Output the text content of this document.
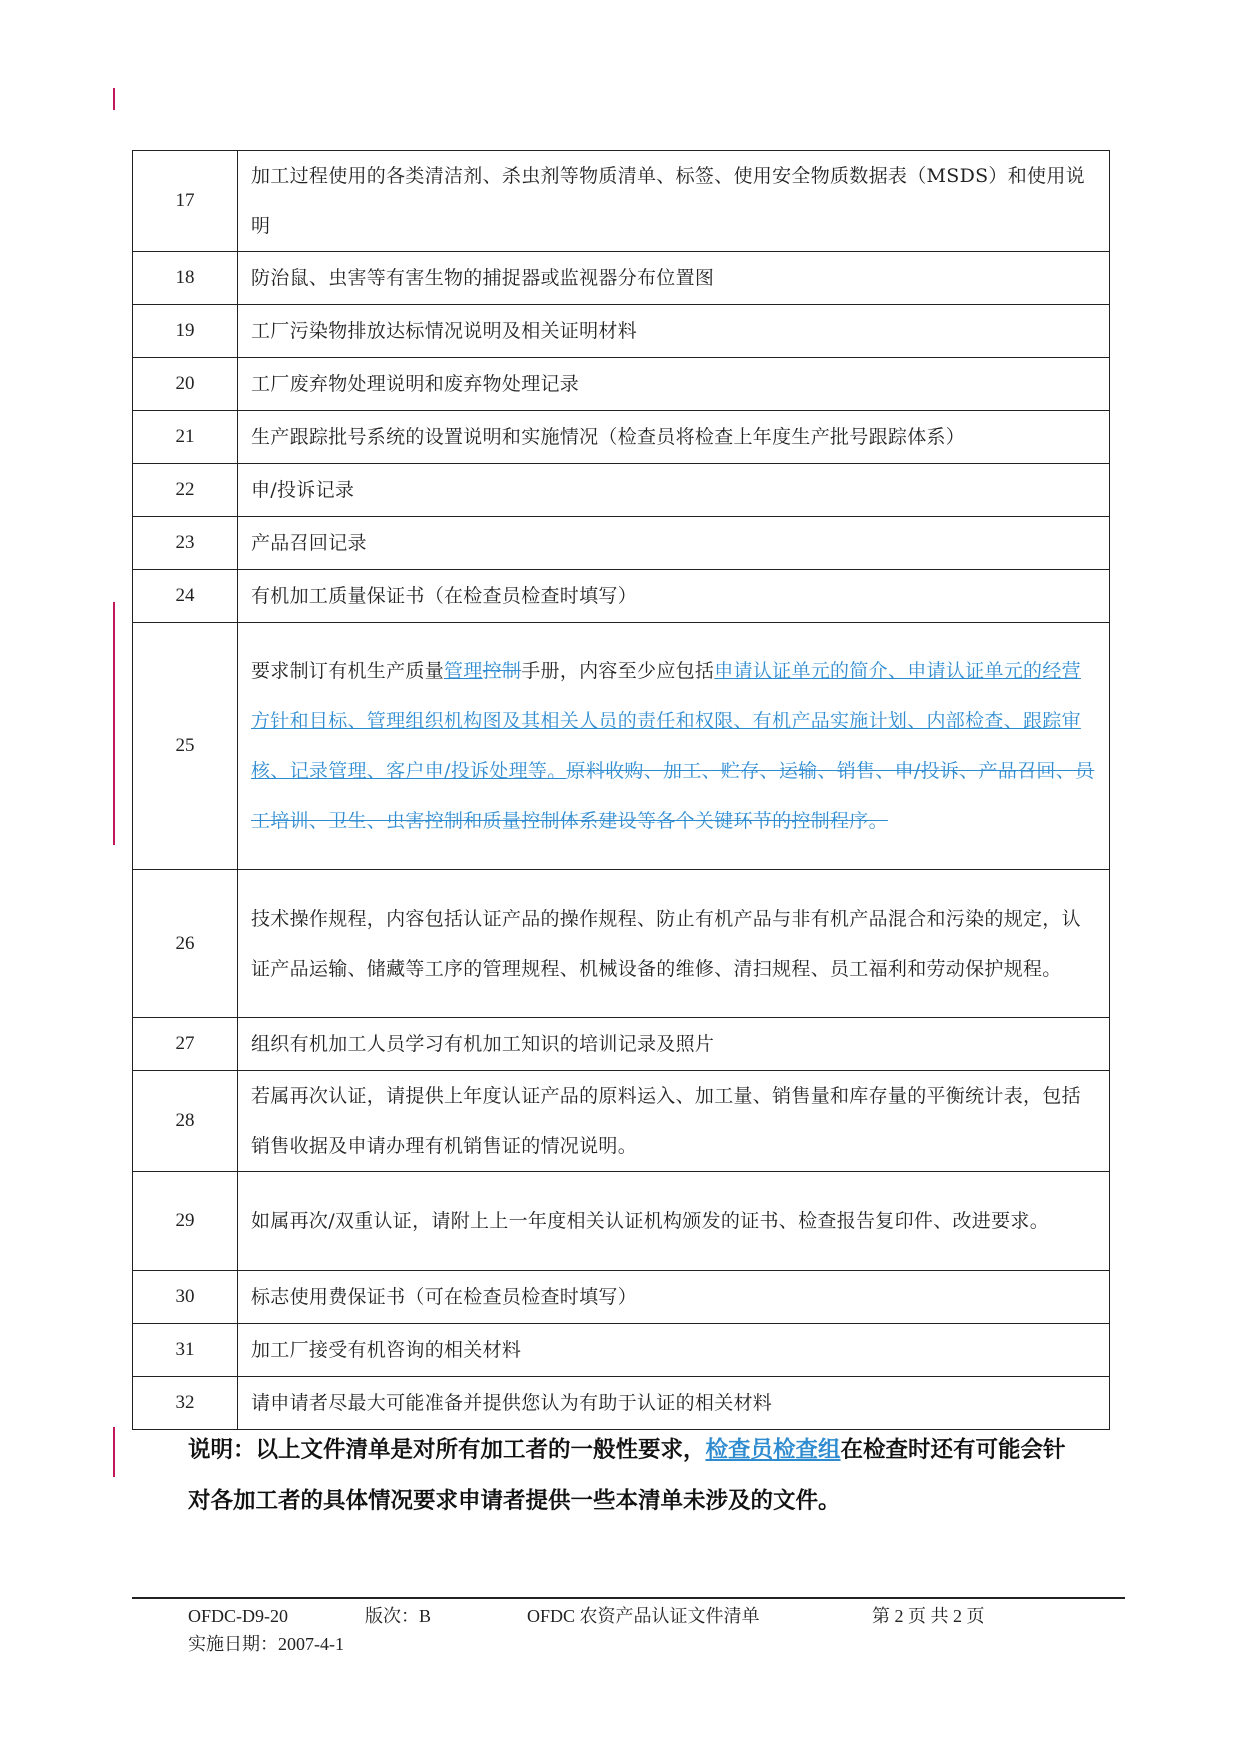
17	加工过程使用的各类清洁剂、杀虫剂等物质清单、标签、使用安全物质数据表（MSDS）和使用说明
18	防治鼠、虫害等有害生物的捕捉器或监视器分布位置图
19	工厂污染物排放达标情况说明及相关证明材料
20	工厂废弃物处理说明和废弃物处理记录
21	生产跟踪批号系统的设置说明和实施情况（检查员将检查上年度生产批号跟踪体系）
22	申/投诉记录
23	产品召回记录
24	有机加工质量保证书（在检查员检查时填写）
25	要求制订有机生产质量管理控制手册，内容至少应包括申请认证单元的简介、申请认证单元的经营方针和目标、管理组织机构图及其相关人员的责任和权限、有机产品实施计划、内部检查、跟踪审核、记录管理、客户申/投诉处理等。原料收购、加工、贮存、运输、销售、申/投诉、产品召回、员工培训、卫生、虫害控制和质量控制体系建设等各个关键环节的控制程序。
26	技术操作规程，内容包括认证产品的操作规程、防止有机产品与非有机产品混合和污染的规定，认证产品运输、储藏等工序的管理规程、机械设备的维修、清扫规程、员工福利和劳动保护规程。
27	组织有机加工人员学习有机加工知识的培训记录及照片
28	若属再次认证，请提供上年度认证产品的原料运入、加工量、销售量和库存量的平衡统计表，包括销售收据及申请办理有机销售证的情况说明。
29	如属再次/双重认证，请附上上一年度相关认证机构颁发的证书、检查报告复印件、改进要求。
30	标志使用费保证书（可在检查员检查时填写）
31	加工厂接受有机咨询的相关材料
32	请申请者尽最大可能准备并提供您认为有助于认证的相关材料
说明：以上文件清单是对所有加工者的一般性要求，检查员检查组在检查时还有可能会针对各加工者的具体情况要求申请者提供一些本清单未涉及的文件。
OFDC-D9-20	版次：B	OFDC 农资产品认证文件清单	第 2 页 共 2 页
实施日期：2007-4-1
